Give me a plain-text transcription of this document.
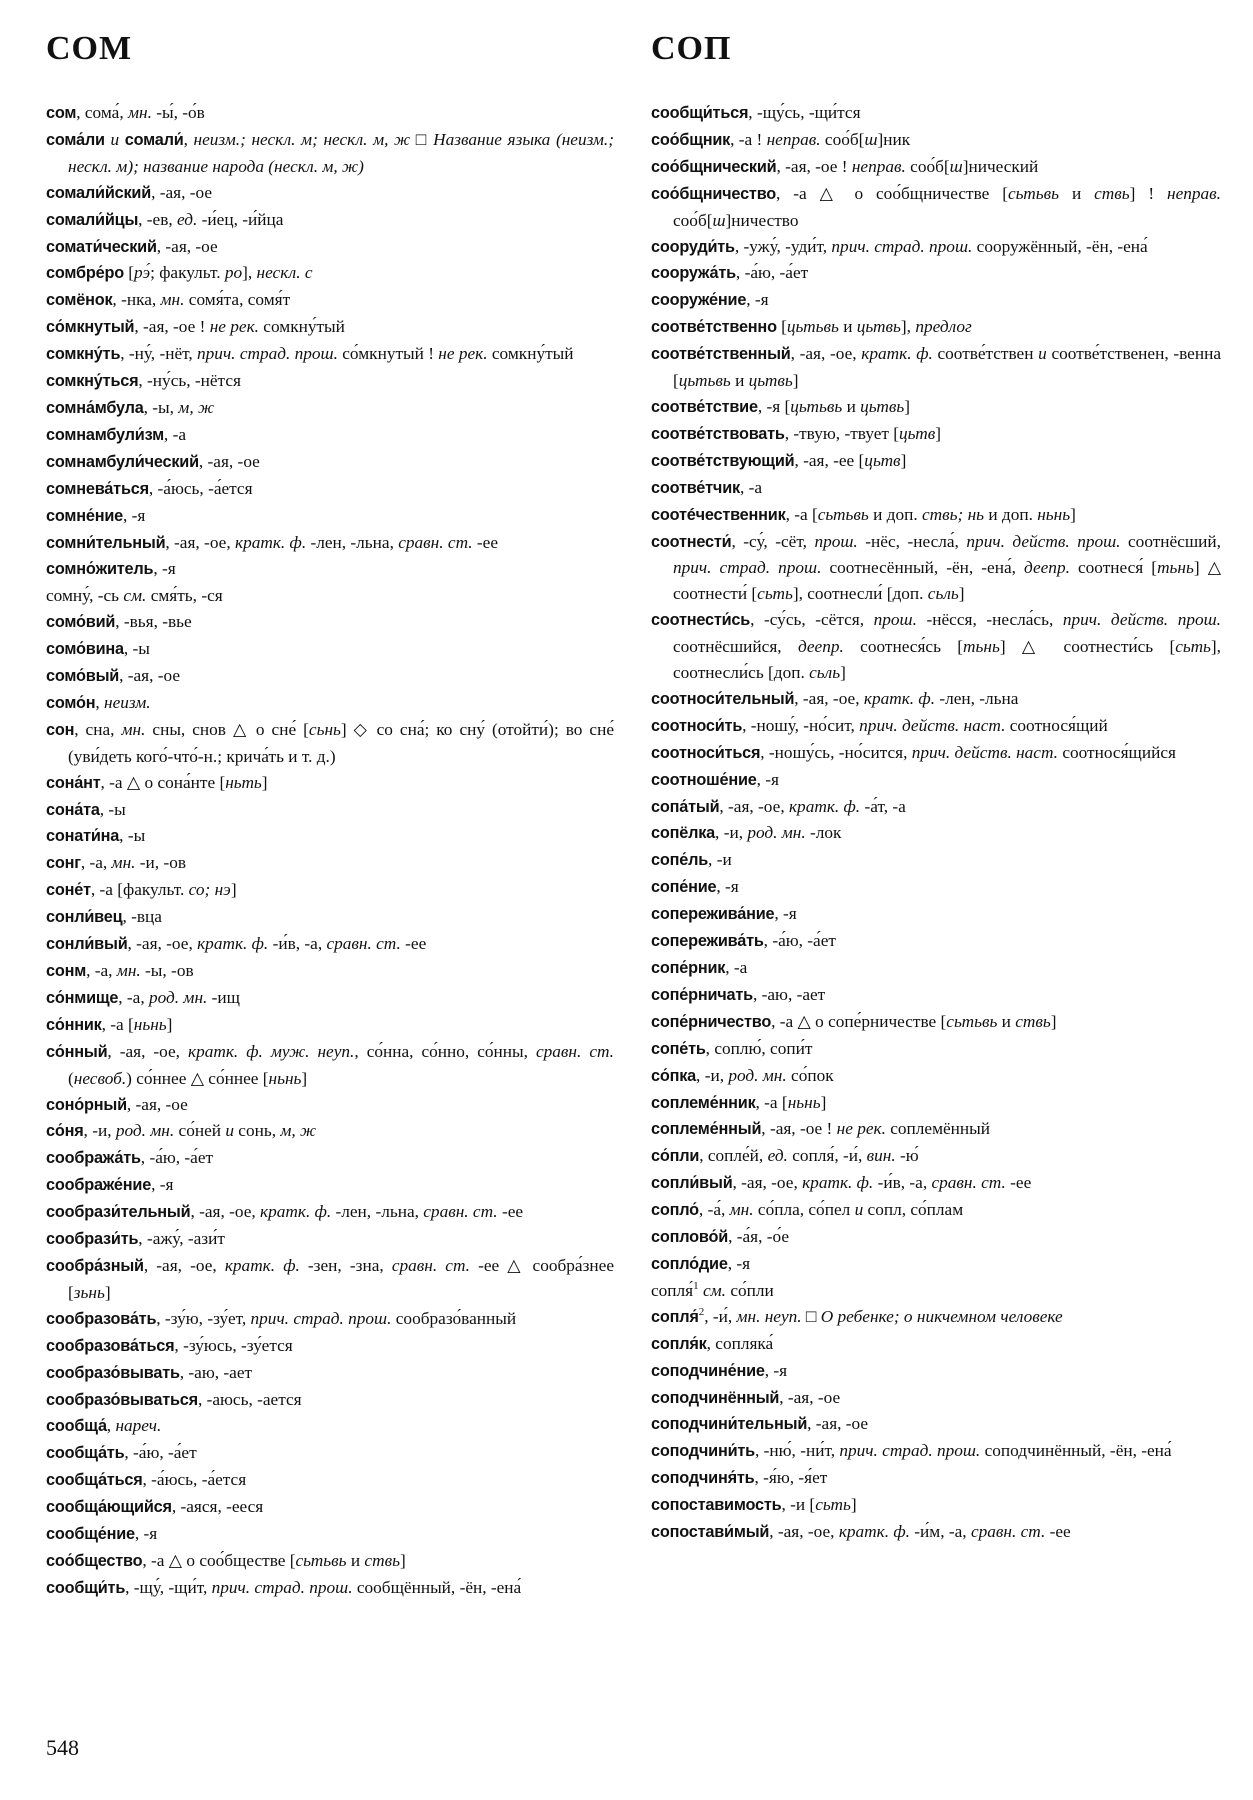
СОМ	СОП
сом, сома́, мн. -ы́, -о́в
сома́ли и сомали́, неизм.; нескл. м; нескл. м, ж □ Название языка (неизм.; нескл. м); название народа (нескл. м, ж)
сомали́йский, -ая, -ое
сомали́йцы, -ев, ед. -и́ец, -и́йца
сомати́ческий, -ая, -ое
сомбре́ро [рэ́; факульт. ро], нескл. с
сомёнок, -нка, мн. сомя́та, сомя́т
со́мкнутый, -ая, -ое ! не рек. сомкну́тый
сомкну́ть, -ну́, -нёт, прич. страд. прош. со́мкнутый ! не рек. сомкну́тый
сомкну́ться, -ну́сь, -нётся
сомна́мбула, -ы, м, ж
сомнамбули́зм, -а
сомнамбули́ческий, -ая, -ое
сомнева́ться, -а́юсь, -а́ется
сомне́ние, -я
сомни́тельный, -ая, -ое, кратк. ф. -лен, -льна, сравн. ст. -ее
сомно́житель, -я
сомну́, -сь см. смя́ть, -ся
сомо́вий, -вья, -вье
сомо́вина, -ы
сомо́вый, -ая, -ое
сомо́н, неизм.
сон, сна, мн. сны, снов △ о сне́ [сьнь] ◇ со сна́; ко сну́ (отойти́); во сне́ (уви́деть кого́-что́-н.; крича́ть и т. д.)
сона́нт, -а △ о сона́нте [ньть]
сона́та, -ы
сонати́на, -ы
сонг, -а, мн. -и, -ов
соне́т, -а [факульт. со; нэ]
сонли́вец, -вца
сонли́вый, -ая, -ое, кратк. ф. -и́в, -а, сравн. ст. -ее
сонм, -а, мн. -ы, -ов
со́нмище, -а, род. мн. -ищ
со́нник, -а [ньнь]
со́нный, -ая, -ое, кратк. ф. муж. неуп., со́нна, со́нно, со́нны, сравн. ст. (несвоб.) со́ннее △ со́ннее [ньнь]
соно́рный, -ая, -ое
со́ня, -и, род. мн. со́ней и сонь, м, ж
сообража́ть, -а́ю, -а́ет
соображе́ние, -я
сообрази́тельный, -ая, -ое, кратк. ф. -лен, -льна, сравн. ст. -ее
сообрази́ть, -ажу́, -ази́т
сообра́зный, -ая, -ое, кратк. ф. -зен, -зна, сравн. ст. -ее △ сообра́знее [зьнь]
сообразова́ть, -зу́ю, -зу́ет, прич. страд. прош. сообразо́ванный
сообразова́ться, -зу́юсь, -зу́ется
сообразо́вывать, -аю, -ает
сообразо́вываться, -аюсь, -ается
сообща́, нареч.
сообща́ть, -а́ю, -а́ет
сообща́ться, -а́юсь, -а́ется
сообща́ющийся, -аяся, -ееся
сообще́ние, -я
соо́бщество, -а △ о соо́бществе [сьтьвь и ствь]
сообщи́ть, -щу́, -щи́т, прич. страд. прош. сообщённый, -ён, -ена́
сообщи́ться, -щу́сь, -щи́тся
соо́бщник, -а ! неправ. соо́б[ш]ник
соо́бщнический, -ая, -ое ! неправ. соо́б[ш]нический
соо́бщничество, -а △ о соо́бщничестве [сьтьвь и ствь] ! неправ. соо́б[ш]ничество
сооруди́ть, -ужу́, -уди́т, прич. страд. прош. сооружённый, -ён, -ена́
сооружа́ть, -а́ю, -а́ет
сооруже́ние, -я
соотве́тственно [цьтьвь и цьтвь], предлог
соотве́тственный, -ая, -ое, кратк. ф. соотве́тствен и соотве́тственен, -венна [цьтьвь и цьтвь]
соотве́тствие, -я [цьтьвь и цьтвь]
соотве́тствовать, -твую, -твует [цьтв]
соотве́тствующий, -ая, -ее [цьтв]
соотве́тчик, -а
соотéчественник, -а [сьтьвь и доп. ствь; нь и доп. ньнь]
соотнести́, -су́, -сёт, прош. -нёс, -несла́, прич. действ. прош. соотнёсший, прич. страд. прош. соотнесённый, -ён, -ена́, деепр. соотнеся́ [тьнь] △ соотнести́ [сьть], соотнесли́ [доп. сьль]
соотнести́сь, -су́сь, -сётся, прош. -нёсся, -несла́сь, прич. действ. прош. соотнёсшийся, деепр. соотнеся́сь [тьнь] △ соотнести́сь [сьть], соотнесли́сь [доп. сьль]
соотноси́тельный, -ая, -ое, кратк. ф. -лен, -льна
соотноси́ть, -ношу́, -но́сит, прич. действ. наст. соотнося́щий
соотноси́ться, -ношу́сь, -но́сится, прич. действ. наст. соотнося́щийся
соотноше́ние, -я
сопа́тый, -ая, -ое, кратк. ф. -а́т, -а
сопёлка, -и, род. мн. -лок
сопе́ль, -и
сопе́ние, -я
сопережива́ние, -я
сопережива́ть, -а́ю, -а́ет
сопе́рник, -а
сопе́рничать, -аю, -ает
сопе́рничество, -а △ о сопе́рничестве [сьтьвь и ствь]
сопе́ть, соплю́, сопи́т
со́пка, -и, род. мн. со́пок
соплеме́нник, -а [ньнь]
соплеме́нный, -ая, -ое ! не рек. соплемённый
со́пли, сопле́й, ед. сопля́, -и́, вин. -ю́
сопли́вый, -ая, -ое, кратк. ф. -и́в, -а, сравн. ст. -ее
сопло́, -а́, мн. со́пла, со́пел и сопл, со́плам
соплово́й, -а́я, -о́е
сопло́дие, -я
сопля́$^1$ см. со́пли
сопля́$^2$, -и́, мн. неуп. □ О ребенке; о никчемном человеке
сопля́к, сопляка́
соподчине́ние, -я
соподчинённый, -ая, -ое
соподчини́тельный, -ая, -ое
соподчини́ть, -ню́, -ни́т, прич. страд. прош. соподчинённый, -ён, -ена́
соподчиня́ть, -я́ю, -я́ет
сопоставимость, -и [сьть]
сопостави́мый, -ая, -ое, кратк. ф. -и́м, -а, сравн. ст. -ее
548
